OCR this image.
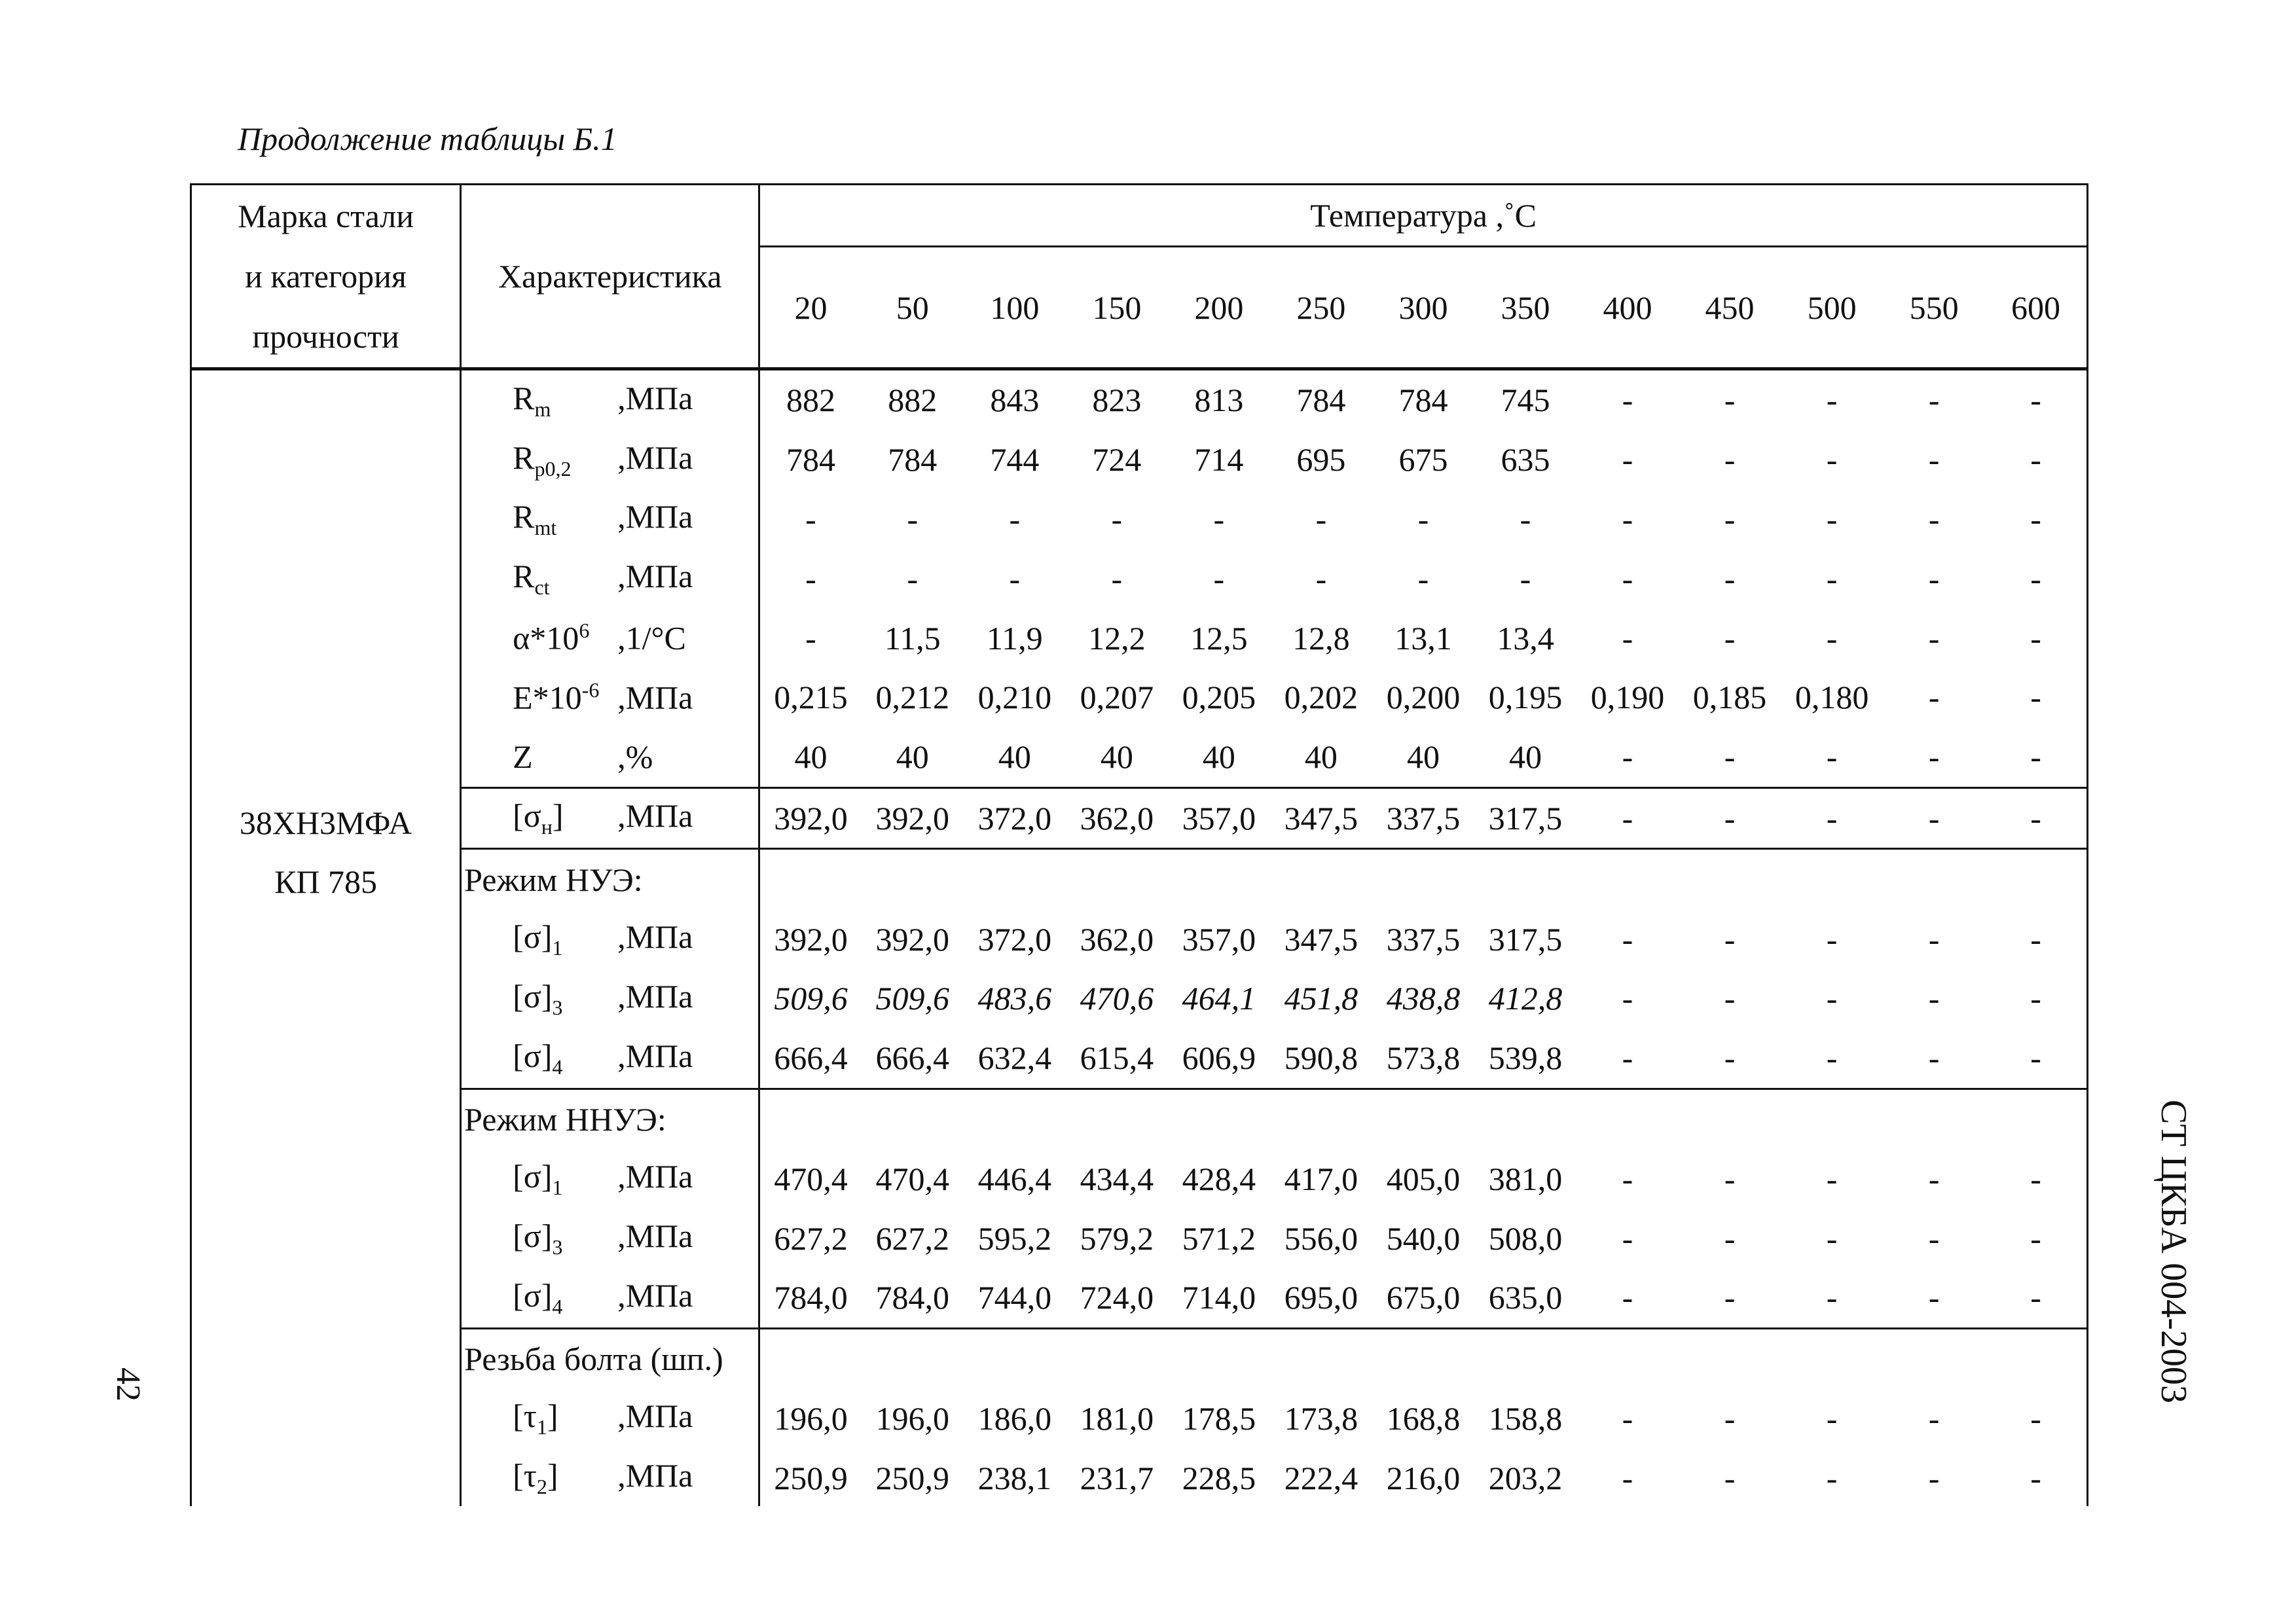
Продолжение таблицы Б.1
СТ ЦКБА 004-2003
42
Марка стали
и категория
прочности	Характеристика	Температура ,˚С												
		20	50	100	150	200	250	300	350	400	450	500	550	600

38ХН3МФА
КП 785	$R_m$ ,МПа	882	882	843	823	813	784	784	745	-	-	-	-	-
	$R_{p0,2}$ ,МПа	784	784	744	724	714	695	675	635	-	-	-	-	-
	$R_{mt}$ ,МПа	-	-	-	-	-	-	-	-	-	-	-	-	-
	$R_{ct}$ ,МПа	-	-	-	-	-	-	-	-	-	-	-	-	-
	$\alpha*10^6$ ,1/°С	-	11,5	11,9	12,2	12,5	12,8	13,1	13,4	-	-	-	-	-
	$E*10^{-6}$ ,МПа	0,215	0,212	0,210	0,207	0,205	0,202	0,200	0,195	0,190	0,185	0,180	-	-
	Z ,%	40	40	40	40	40	40	40	40	-	-	-	-	-
	$[\sigma_н]$ ,МПа	392,0	392,0	372,0	362,0	357,0	347,5	337,5	317,5	-	-	-	-	-
	Режим НУЭ:													
	$[\sigma]_1$ ,МПа	392,0	392,0	372,0	362,0	357,0	347,5	337,5	317,5	-	-	-	-	-
	$[\sigma]_3$ ,МПа	509,6	509,6	483,6	470,6	464,1	451,8	438,8	412,8	-	-	-	-	-
	$[\sigma]_4$ ,МПа	666,4	666,4	632,4	615,4	606,9	590,8	573,8	539,8	-	-	-	-	-
	Режим ННУЭ:													
	$[\sigma]_1$ ,МПа	470,4	470,4	446,4	434,4	428,4	417,0	405,0	381,0	-	-	-	-	-
	$[\sigma]_3$ ,МПа	627,2	627,2	595,2	579,2	571,2	556,0	540,0	508,0	-	-	-	-	-
	$[\sigma]_4$ ,МПа	784,0	784,0	744,0	724,0	714,0	695,0	675,0	635,0	-	-	-	-	-
	Резьба болта (шп.)													
	$[\tau_1]$ ,МПа	196,0	196,0	186,0	181,0	178,5	173,8	168,8	158,8	-	-	-	-	-
	$[\tau_2]$ ,МПа	250,9	250,9	238,1	231,7	228,5	222,4	216,0	203,2	-	-	-	-	-
